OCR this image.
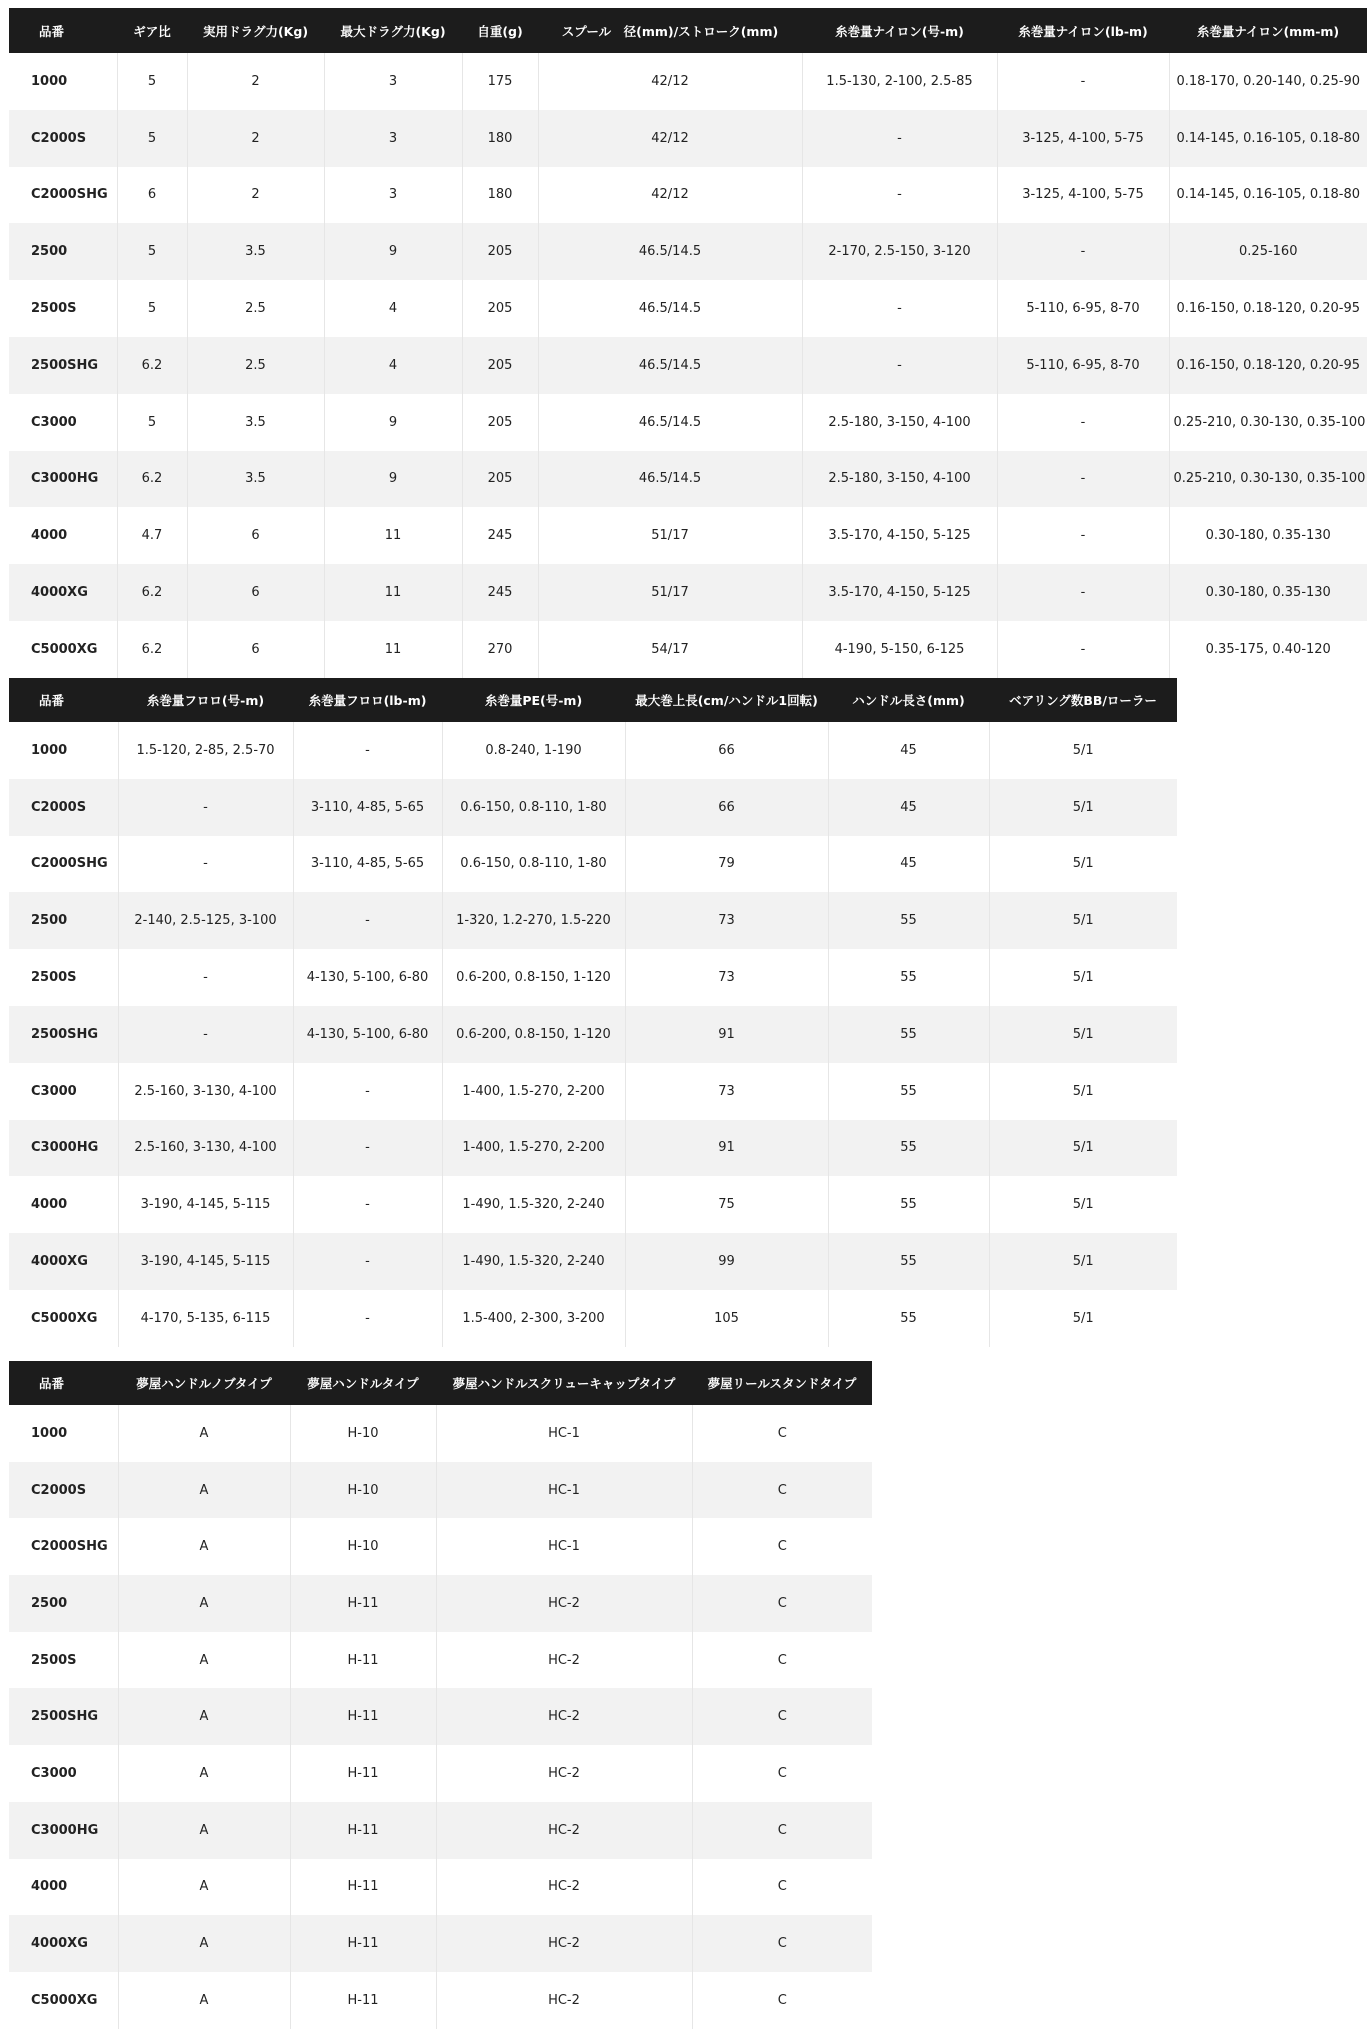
品番	ギア比	実用ドラグ力(Kg)	最大ドラグ力(Kg)	自重(g)	スプール　径(mm)/ストローク(mm)	糸巻量ナイロン(号-m)	糸巻量ナイロン(lb-m)	糸巻量ナイロン(mm-m)
1000	5	2	3	175	42/12	1.5-130, 2-100, 2.5-85	-	0.18-170, 0.20-140, 0.25-90
C2000S	5	2	3	180	42/12	-	3-125, 4-100, 5-75	0.14-145, 0.16-105, 0.18-80
C2000SHG	6	2	3	180	42/12	-	3-125, 4-100, 5-75	0.14-145, 0.16-105, 0.18-80
2500	5	3.5	9	205	46.5/14.5	2-170, 2.5-150, 3-120	-	0.25-160
2500S	5	2.5	4	205	46.5/14.5	-	5-110, 6-95, 8-70	0.16-150, 0.18-120, 0.20-95
2500SHG	6.2	2.5	4	205	46.5/14.5	-	5-110, 6-95, 8-70	0.16-150, 0.18-120, 0.20-95
C3000	5	3.5	9	205	46.5/14.5	2.5-180, 3-150, 4-100	-	0.25-210, 0.30-130, 0.35-100
C3000HG	6.2	3.5	9	205	46.5/14.5	2.5-180, 3-150, 4-100	-	0.25-210, 0.30-130, 0.35-100
4000	4.7	6	11	245	51/17	3.5-170, 4-150, 5-125	-	0.30-180, 0.35-130
4000XG	6.2	6	11	245	51/17	3.5-170, 4-150, 5-125	-	0.30-180, 0.35-130
C5000XG	6.2	6	11	270	54/17	4-190, 5-150, 6-125	-	0.35-175, 0.40-120
品番	糸巻量フロロ(号-m)	糸巻量フロロ(lb-m)	糸巻量PE(号-m)	最大巻上長(cm/ハンドル1回転)	ハンドル長さ(mm)	ベアリング数BB/ローラー
1000	1.5-120, 2-85, 2.5-70	-	0.8-240, 1-190	66	45	5/1
C2000S	-	3-110, 4-85, 5-65	0.6-150, 0.8-110, 1-80	66	45	5/1
C2000SHG	-	3-110, 4-85, 5-65	0.6-150, 0.8-110, 1-80	79	45	5/1
2500	2-140, 2.5-125, 3-100	-	1-320, 1.2-270, 1.5-220	73	55	5/1
2500S	-	4-130, 5-100, 6-80	0.6-200, 0.8-150, 1-120	73	55	5/1
2500SHG	-	4-130, 5-100, 6-80	0.6-200, 0.8-150, 1-120	91	55	5/1
C3000	2.5-160, 3-130, 4-100	-	1-400, 1.5-270, 2-200	73	55	5/1
C3000HG	2.5-160, 3-130, 4-100	-	1-400, 1.5-270, 2-200	91	55	5/1
4000	3-190, 4-145, 5-115	-	1-490, 1.5-320, 2-240	75	55	5/1
4000XG	3-190, 4-145, 5-115	-	1-490, 1.5-320, 2-240	99	55	5/1
C5000XG	4-170, 5-135, 6-115	-	1.5-400, 2-300, 3-200	105	55	5/1
品番	夢屋ハンドルノブタイプ	夢屋ハンドルタイプ	夢屋ハンドルスクリューキャップタイプ	夢屋リールスタンドタイプ
1000	A	H-10	HC-1	C
C2000S	A	H-10	HC-1	C
C2000SHG	A	H-10	HC-1	C
2500	A	H-11	HC-2	C
2500S	A	H-11	HC-2	C
2500SHG	A	H-11	HC-2	C
C3000	A	H-11	HC-2	C
C3000HG	A	H-11	HC-2	C
4000	A	H-11	HC-2	C
4000XG	A	H-11	HC-2	C
C5000XG	A	H-11	HC-2	C
